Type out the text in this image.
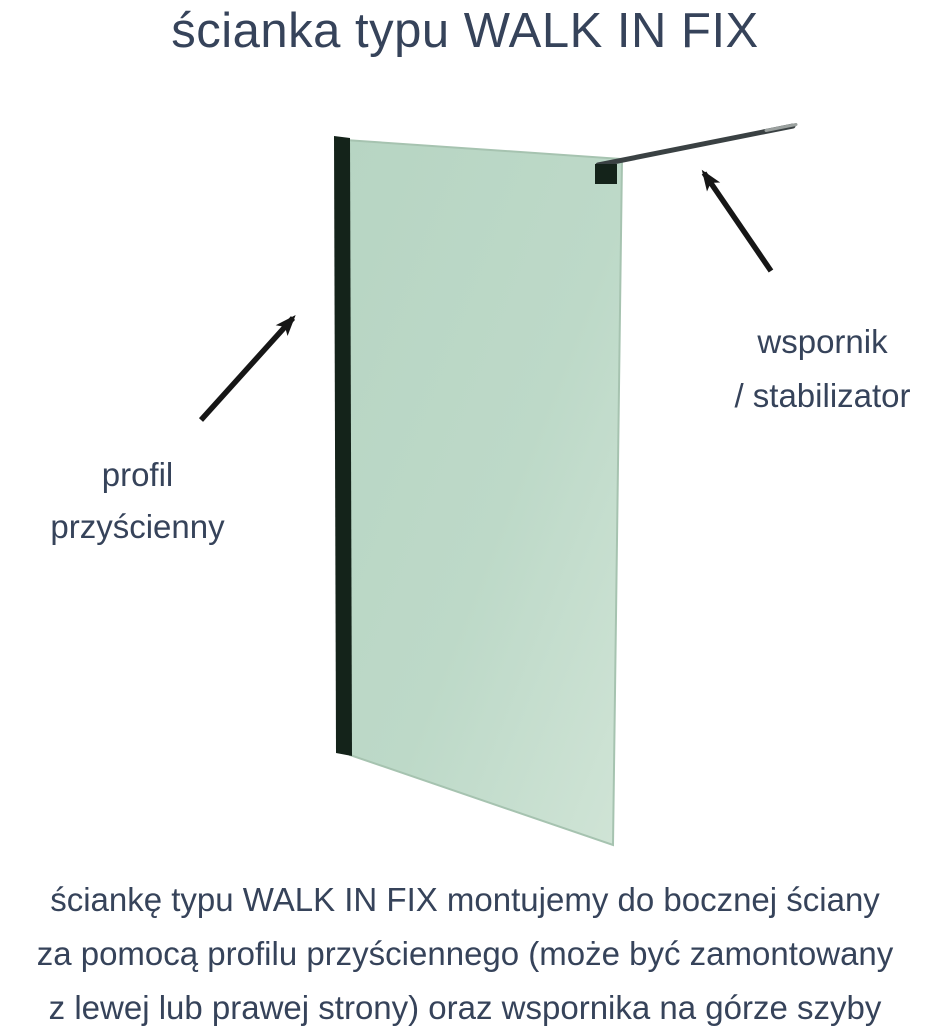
ścianka typu WALK IN FIX
profil
przyścienny
wspornik
/ stabilizator
ściankę typu WALK IN FIX montujemy do bocznej ściany
za pomocą profilu przyściennego (może być zamontowany
z lewej lub prawej strony) oraz wspornika na górze szyby
